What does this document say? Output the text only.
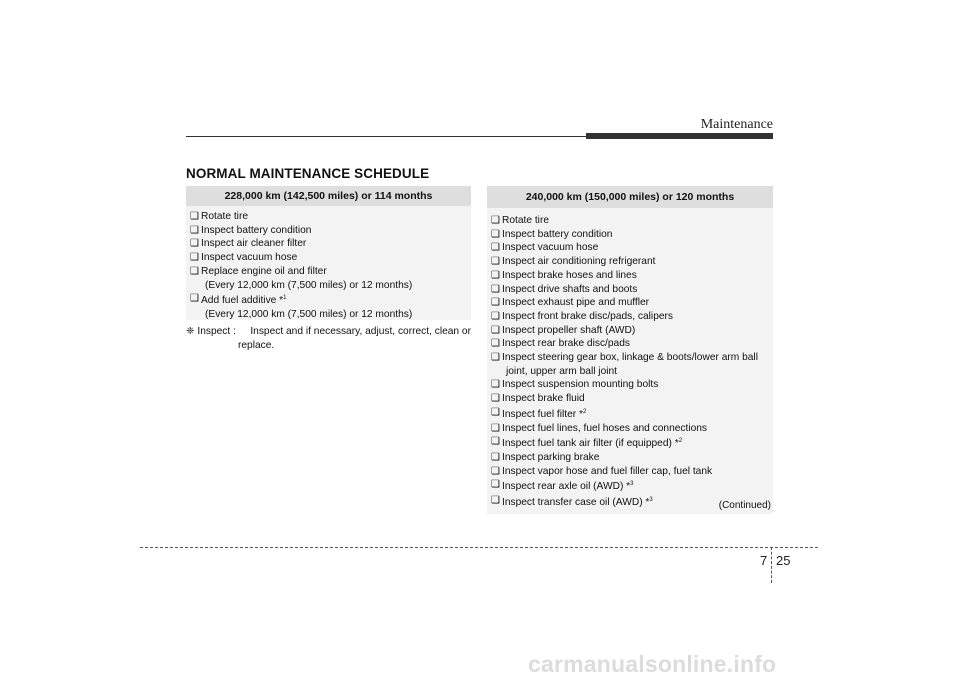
Maintenance
NORMAL MAINTENANCE SCHEDULE
228,000 km (142,500 miles) or 114 months
❑ Rotate tire
❑ Inspect battery condition
❑ Inspect air cleaner filter
❑ Inspect vacuum hose
❑ Replace engine oil and filter
(Every 12,000 km (7,500 miles) or 12 months)
❑ Add fuel additive *$^1$
(Every 12,000 km (7,500 miles) or 12 months)
❈ Inspect : Inspect and if necessary, adjust, correct, clean or
replace.
240,000 km (150,000 miles) or 120 months
❑ Rotate tire
❑ Inspect battery condition
❑ Inspect vacuum hose
❑ Inspect air conditioning refrigerant
❑ Inspect brake hoses and lines
❑ Inspect drive shafts and boots
❑ Inspect exhaust pipe and muffler
❑ Inspect front brake disc/pads, calipers
❑ Inspect propeller shaft (AWD)
❑ Inspect rear brake disc/pads
❑ Inspect steering gear box, linkage & boots/lower arm ball
joint, upper arm ball joint
❑ Inspect suspension mounting bolts
❑ Inspect brake fluid
❑ Inspect fuel filter *$^2$
❑ Inspect fuel lines, fuel hoses and connections
❑ Inspect fuel tank air filter (if equipped) *$^2$
❑ Inspect parking brake
❑ Inspect vapor hose and fuel filler cap, fuel tank
❑ Inspect rear axle oil (AWD) *$^3$
❑ Inspect transfer case oil (AWD) *$^3$	(Continued)
7 25
carmanualsonline.info
